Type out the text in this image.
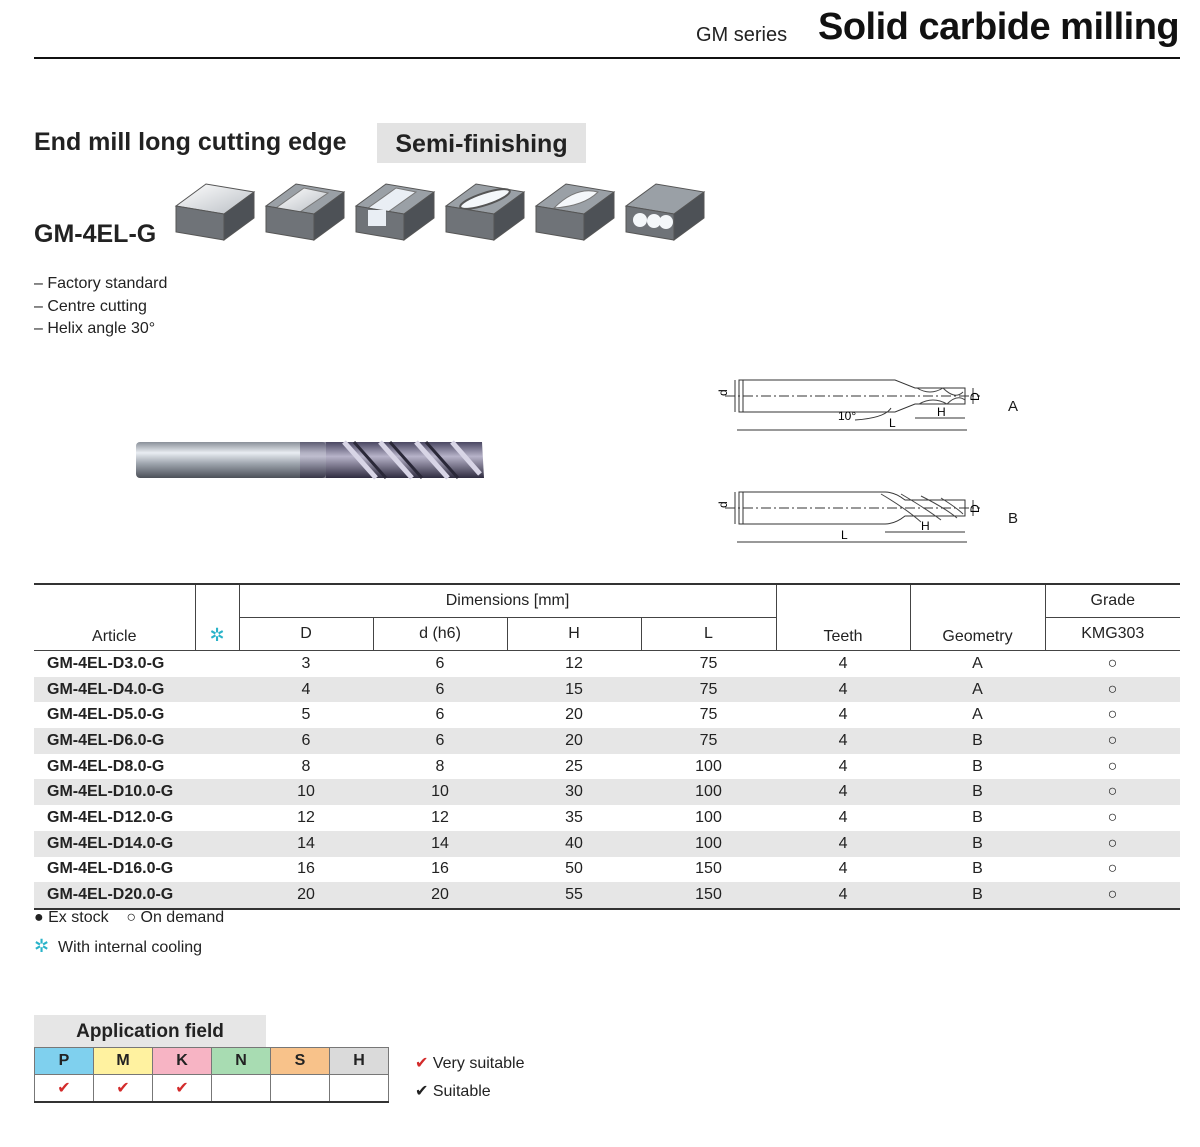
GM series Solid carbide milling
End mill long cutting edge	Semi-finishing
GM-4EL-G
– Factory standard
– Centre cutting
– Helix angle 30°
d	D
H
L
10°
A
d	D
H
L
B
Article	✲	Dimensions [mm]				Teeth	Geometry	Grade
		D	d (h6)	H	L			KMG303
GM-4EL-D3.0-G		3	6	12	75	4	A	○
GM-4EL-D4.0-G		4	6	15	75	4	A	○
GM-4EL-D5.0-G		5	6	20	75	4	A	○
GM-4EL-D6.0-G		6	6	20	75	4	B	○
GM-4EL-D8.0-G		8	8	25	100	4	B	○
GM-4EL-D10.0-G		10	10	30	100	4	B	○
GM-4EL-D12.0-G		12	12	35	100	4	B	○
GM-4EL-D14.0-G		14	14	40	100	4	B	○
GM-4EL-D16.0-G		16	16	50	150	4	B	○
GM-4EL-D20.0-G		20	20	55	150	4	B	○
● Ex stock ○ On demand
✲ With internal cooling
Application field
P	M	K	N	S	H
✔	✔	✔			
✔ Very suitable
✔ Suitable
